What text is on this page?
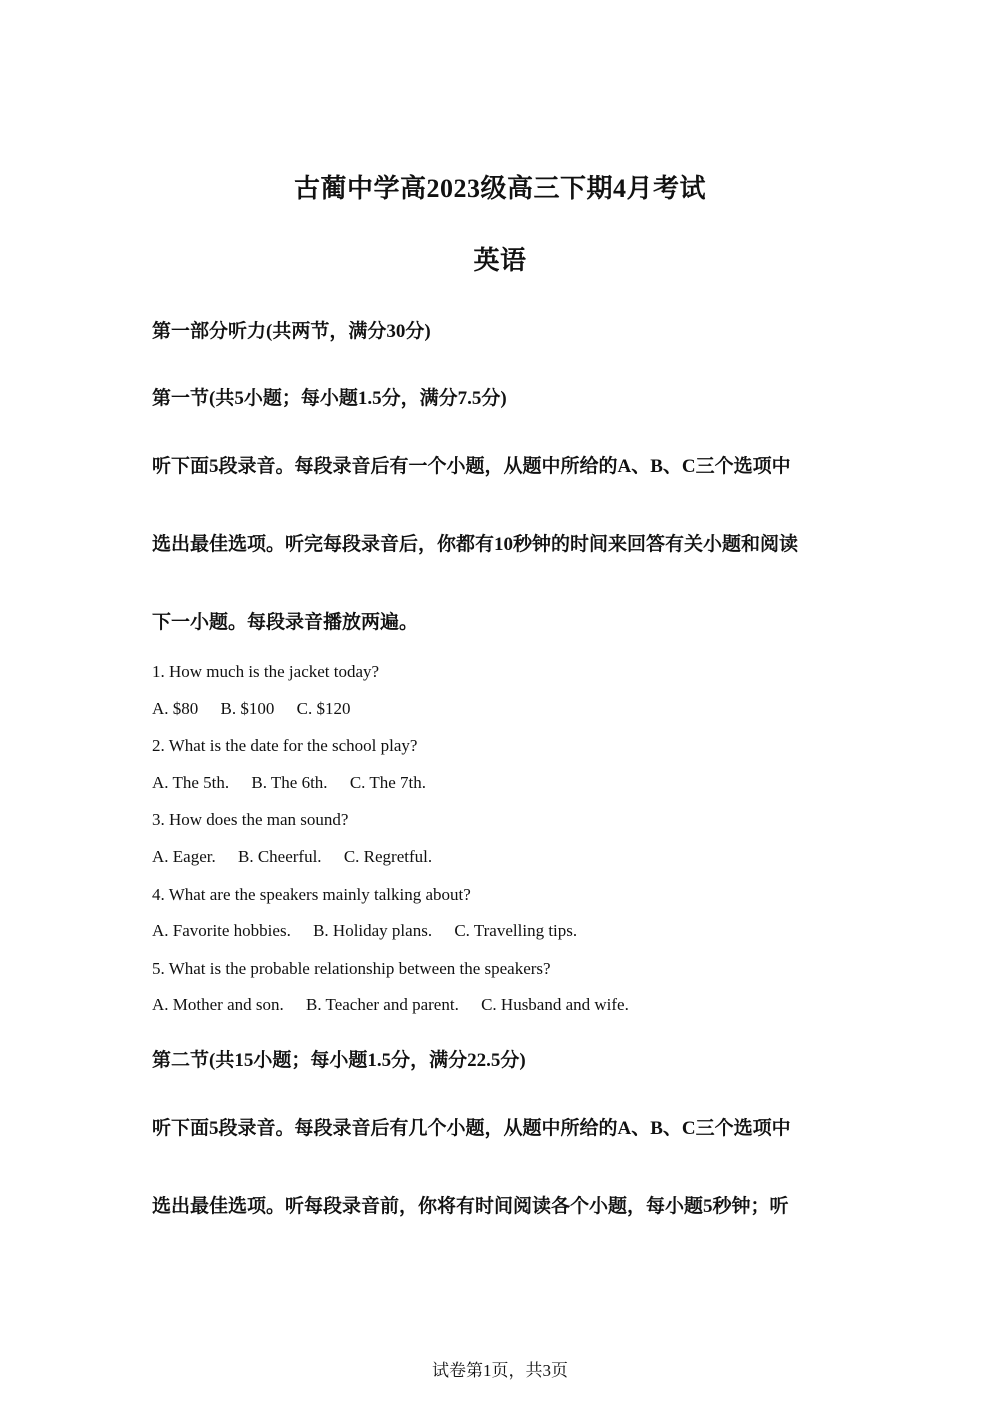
古蔺中学高2023级高三下期4月考试
英语
第一部分听力(共两节，满分30分)
第一节(共5小题；每小题1.5分，满分7.5分)
听下面5段录音。每段录音后有一个小题，从题中所给的A、B、C三个选项中
选出最佳选项。听完每段录音后，你都有10秒钟的时间来回答有关小题和阅读
下一小题。每段录音播放两遍。
1. How much is the jacket today?
A. $80 B. $100 C. $120
2. What is the date for the school play?
A. The 5th. B. The 6th. C. The 7th.
3. How does the man sound?
A. Eager. B. Cheerful. C. Regretful.
4. What are the speakers mainly talking about?
A. Favorite hobbies. B. Holiday plans. C. Travelling tips.
5. What is the probable relationship between the speakers?
A. Mother and son. B. Teacher and parent. C. Husband and wife.
第二节(共15小题；每小题1.5分，满分22.5分)
听下面5段录音。每段录音后有几个小题，从题中所给的A、B、C三个选项中
选出最佳选项。听每段录音前，你将有时间阅读各个小题，每小题5秒钟；听
试卷第1页，共3页
